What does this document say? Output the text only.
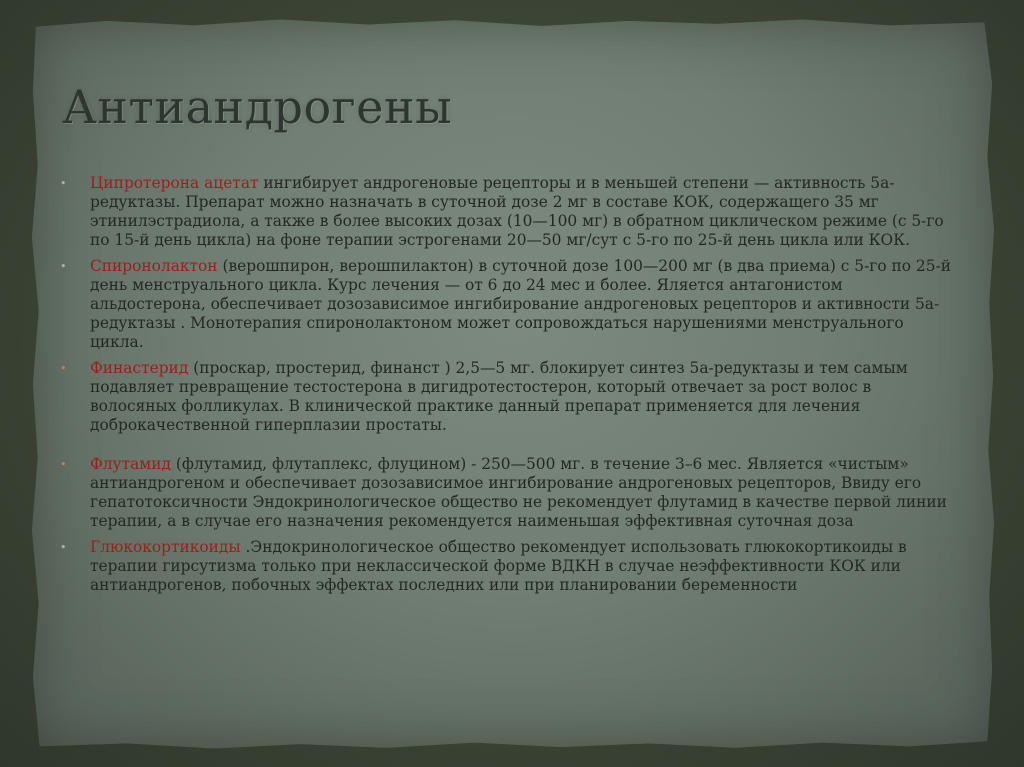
Антиандрогены
•	Ципротерона ацетат ингибирует андрогеновые рецепторы и в меньшей степени — активность 5а-редуктазы. Препарат можно назначать в суточной дозе 2 мг в составе КОК, содержащего 35 мг этинилэстрадиола, а также в более высоких дозах (10—100 мг) в обратном циклическом режиме (с 5-го по 15-й день цикла) на фоне терапии эстрогенами 20—50 мг/сут с 5-го по 25-й день цикла или КОК.
•	Спиронолактон (верошпирон, верошпилактон) в суточной дозе 100—200 мг (в два приема) с 5-го по 25-й день менструального цикла. Курс лечения — от 6 до 24 мес и более. Яляется антагонистом альдостерона, обеспечивает дозозависимое ингибирование андрогеновых рецепторов и активности 5а-редуктазы . Монотерапия спиронолактоном может сопровождаться нарушениями менструального цикла.
•	Финастерид (проскар, простерид, финанст ) 2,5—5 мг. блокирует синтез 5а-редуктазы и тем самым подавляет превращение тестостерона в дигидротестостерон, который отвечает за рост волос в волосяных фолликулах. В клинической практике данный препарат применяется для лечения доброкачественной гиперплазии простаты.
•	Флутамид (флутамид, флутаплекс, флуцином) - 250—500 мг. в течение 3–6 мес. Является «чистым» антиандрогеном и обеспечивает дозозависимое ингибирование андрогеновых рецепторов, Ввиду его гепатотоксичности Эндокринологическое общество не рекомендует флутамид в качестве первой линии терапии, а в случае его назначения рекомендуется наименьшая эффективная суточная доза
•	Глюкокортикоиды .Эндокринологическое общество рекомендует использовать глюкокортикоиды в терапии гирсутизма только при неклассической форме ВДКН в случае неэффективности КОК или антиандрогенов, побочных эффектах последних или при планировании беременности
